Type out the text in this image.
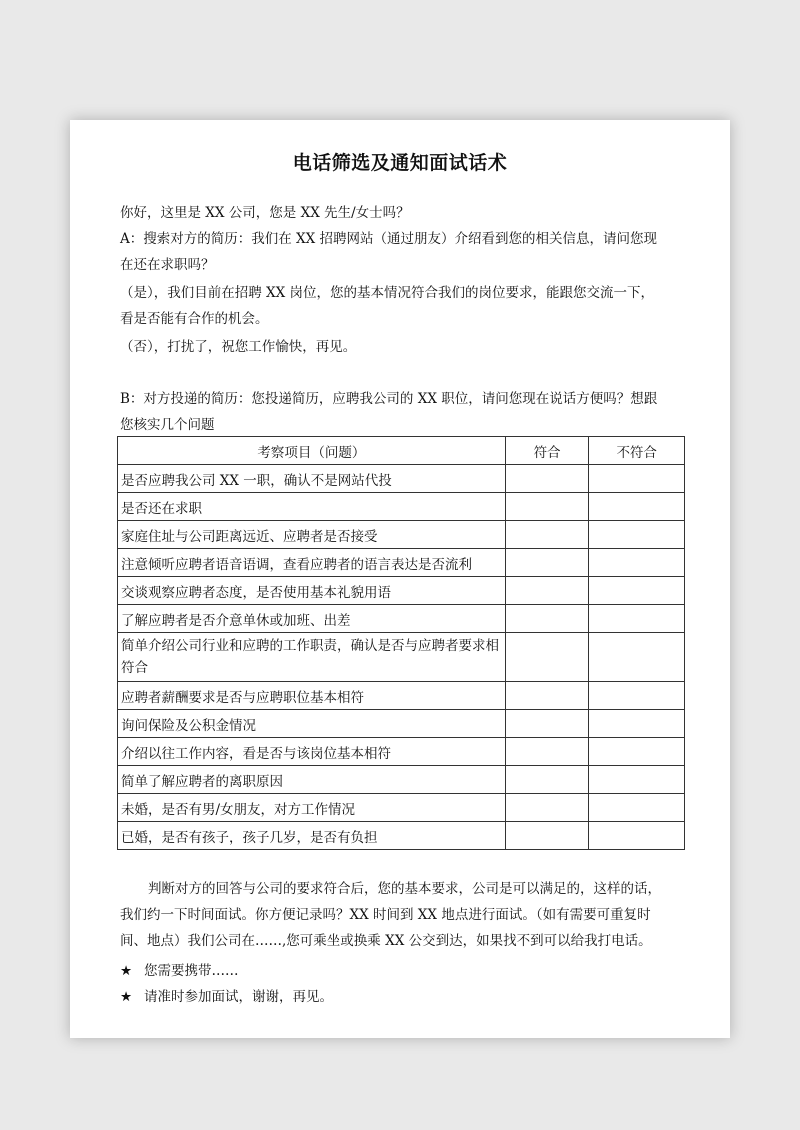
电话筛选及通知面试话术
你好，这里是 XX 公司，您是 XX 先生/女士吗？
A：搜索对方的简历：我们在 XX 招聘网站（通过朋友）介绍看到您的相关信息，请问您现
在还在求职吗？
（是），我们目前在招聘 XX 岗位，您的基本情况符合我们的岗位要求，能跟您交流一下，
看是否能有合作的机会。
（否），打扰了，祝您工作愉快，再见。
B：对方投递的简历：您投递简历，应聘我公司的 XX 职位，请问您现在说话方便吗？想跟
您核实几个问题
考察项目（问题）	符合	不符合
是否应聘我公司 XX 一职，确认不是网站代投		
是否还在求职		
家庭住址与公司距离远近、应聘者是否接受		
注意倾听应聘者语音语调，查看应聘者的语言表达是否流利		
交谈观察应聘者态度，是否使用基本礼貌用语		
了解应聘者是否介意单休或加班、出差		
简单介绍公司行业和应聘的工作职责，确认是否与应聘者要求相符合		
应聘者薪酬要求是否与应聘职位基本相符		
询问保险及公积金情况		
介绍以往工作内容，看是否与该岗位基本相符		
简单了解应聘者的离职原因		
未婚，是否有男/女朋友，对方工作情况		
已婚，是否有孩子，孩子几岁，是否有负担		
判断对方的回答与公司的要求符合后，您的基本要求，公司是可以满足的，这样的话，
我们约一下时间面试。你方便记录吗？XX 时间到 XX 地点进行面试。（如有需要可重复时
间、地点）我们公司在……,您可乘坐或换乘 XX 公交到达，如果找不到可以给我打电话。
★ 您需要携带……
★ 请准时参加面试，谢谢，再见。
